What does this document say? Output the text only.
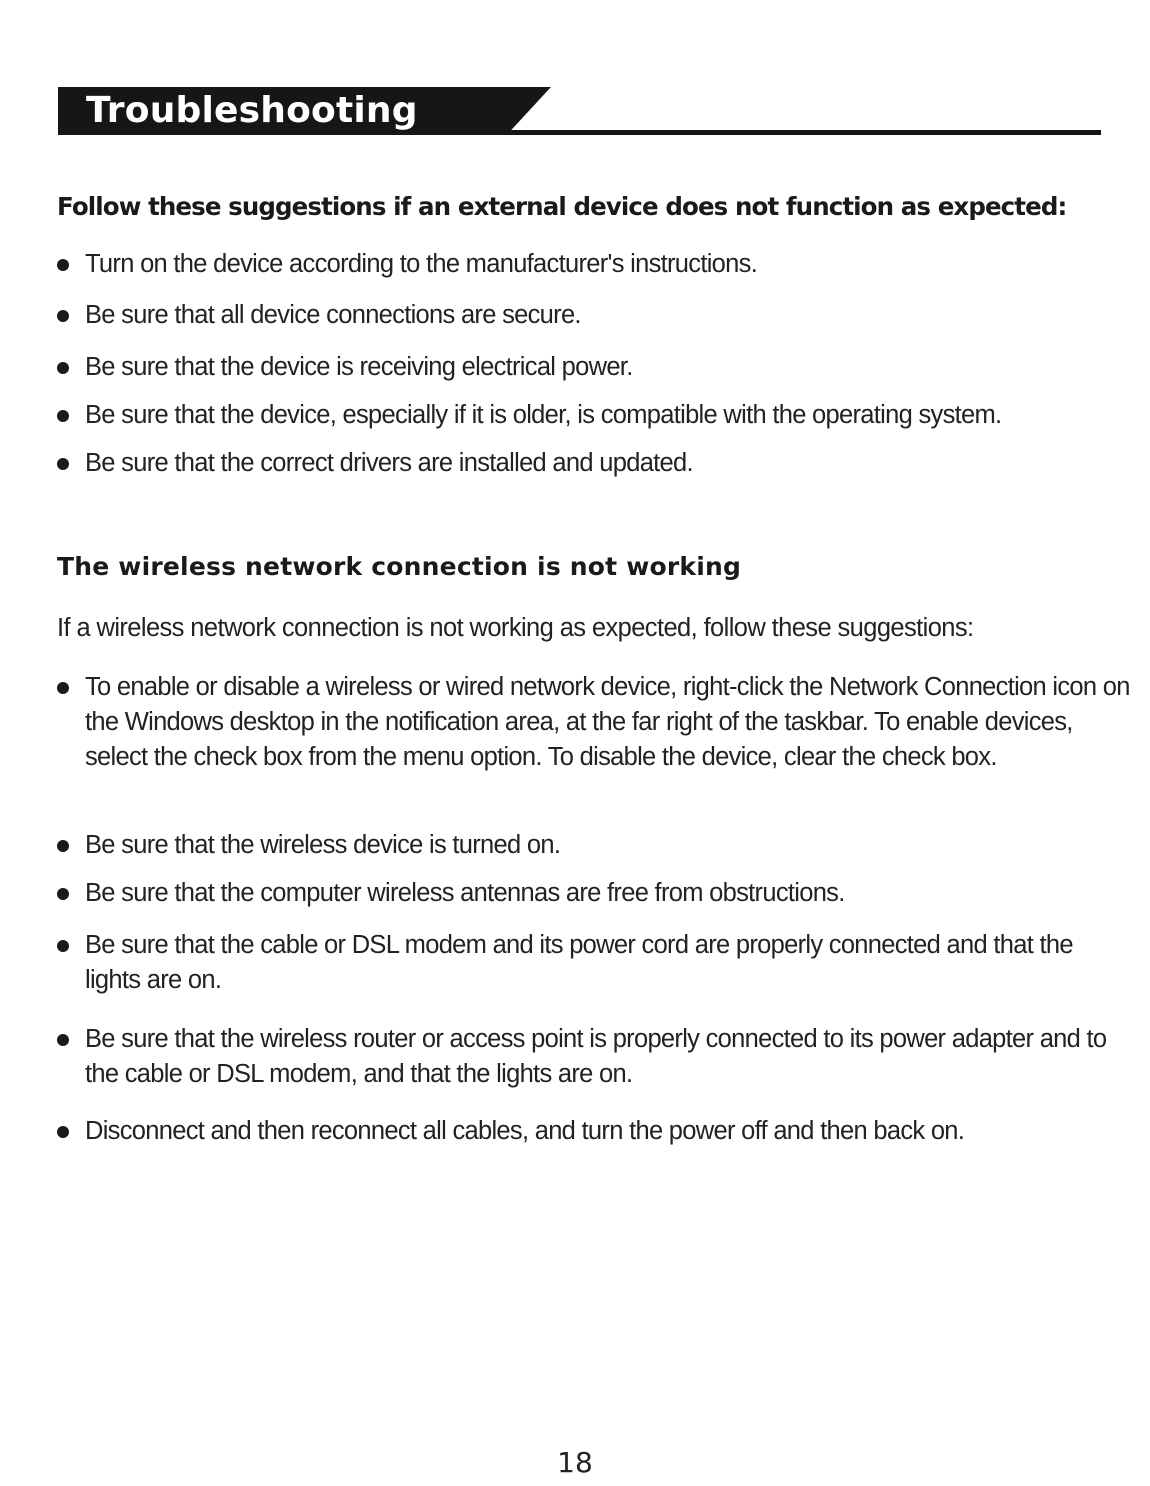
Troubleshooting
Follow these suggestions if an external device does not function as expected:
Turn on the device according to the manufacturer's instructions.
Be sure that all device connections are secure.
Be sure that the device is receiving electrical power.
Be sure that the device, especially if it is older, is compatible with the operating system.
Be sure that the correct drivers are installed and updated.
The wireless network connection is not working

If a wireless network connection is not working as expected, follow these suggestions:

To enable or disable a wireless or wired network device, right-click the Network Connection icon on the Windows desktop in the notification area, at the far right of the taskbar. To enable devices, select the check box from the menu option. To disable the device, clear the check box.
Be sure that the wireless device is turned on.
Be sure that the computer wireless antennas are free from obstructions.
Be sure that the cable or DSL modem and its power cord are properly connected and that the lights are on.
Be sure that the wireless router or access point is properly connected to its power adapter and to the cable or DSL modem, and that the lights are on.
Disconnect and then reconnect all cables, and turn the power off and then back on.
18
